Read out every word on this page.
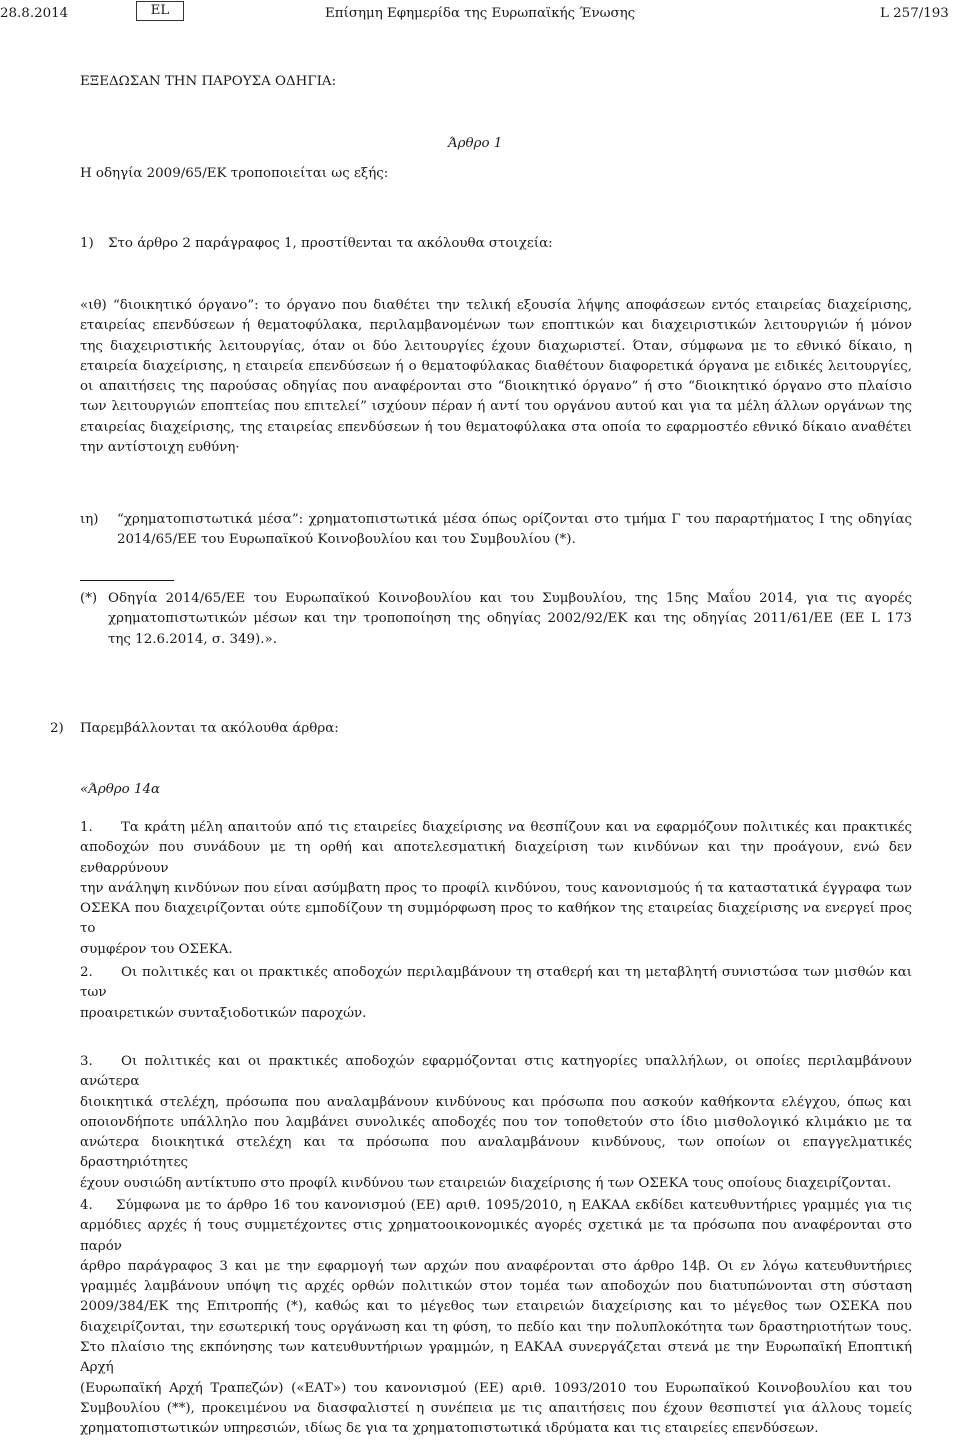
28.8.2014	EL	Επίσημη Εφημερίδα της Ευρωπαϊκής Ένωσης	L 257/193
ΕΞΕΔΩΣΑΝ ΤΗΝ ΠΑΡΟΥΣΑ ΟΔΗΓΙΑ:
Άρθρο 1
Η οδηγία 2009/65/ΕΚ τροποποιείται ως εξής:
1) Στο άρθρο 2 παράγραφος 1, προστίθενται τα ακόλουθα στοιχεία:
«ιθ) “διοικητικό όργανο”: το όργανο που διαθέτει την τελική εξουσία λήψης αποφάσεων εντός εταιρείας διαχείρισης,
εταιρείας επενδύσεων ή θεματοφύλακα, περιλαμβανομένων των εποπτικών και διαχειριστικών λειτουργιών ή μόνον
της διαχειριστικής λειτουργίας, όταν οι δύο λειτουργίες έχουν διαχωριστεί. Όταν, σύμφωνα με το εθνικό δίκαιο, η
εταιρεία διαχείρισης, η εταιρεία επενδύσεων ή ο θεματοφύλακας διαθέτουν διαφορετικά όργανα με ειδικές λειτουργίες,
οι απαιτήσεις της παρούσας οδηγίας που αναφέρονται στο “διοικητικό όργανο” ή στο “διοικητικό όργανο στο πλαίσιο
των λειτουργιών εποπτείας που επιτελεί” ισχύουν πέραν ή αντί του οργάνου αυτού και για τα μέλη άλλων οργάνων της
εταιρείας διαχείρισης, της εταιρείας επενδύσεων ή του θεματοφύλακα στα οποία το εφαρμοστέο εθνικό δίκαιο αναθέτει
την αντίστοιχη ευθύνη·
ιη) “χρηματοπιστωτικά μέσα”: χρηματοπιστωτικά μέσα όπως ορίζονται στο τμήμα Γ του παραρτήματος Ι της οδηγίας
2014/65/ΕΕ του Ευρωπαϊκού Κοινοβουλίου και του Συμβουλίου (*).
(*) Οδηγία 2014/65/ΕΕ του Ευρωπαϊκού Κοινοβουλίου και του Συμβουλίου, της 15ης Μαΐου 2014, για τις αγορές
χρηματοπιστωτικών μέσων και την τροποποίηση της οδηγίας 2002/92/ΕΚ και της οδηγίας 2011/61/ΕΕ (ΕΕ L 173
της 12.6.2014, σ. 349).».
2) Παρεμβάλλονται τα ακόλουθα άρθρα:
«Άρθρο 14α
1.	Τα κράτη μέλη απαιτούν από τις εταιρείες διαχείρισης να θεσπίζουν και να εφαρμόζουν πολιτικές και πρακτικές
αποδοχών που συνάδουν με τη ορθή και αποτελεσματική διαχείριση των κινδύνων και την προάγουν, ενώ δεν ενθαρρύνουν
την ανάληψη κινδύνων που είναι ασύμβατη προς το προφίλ κινδύνου, τους κανονισμούς ή τα καταστατικά έγγραφα των
ΟΣΕΚΑ που διαχειρίζονται ούτε εμποδίζουν τη συμμόρφωση προς το καθήκον της εταιρείας διαχείρισης να ενεργεί προς το
συμφέρον του ΟΣΕΚΑ.
2.	Οι πολιτικές και οι πρακτικές αποδοχών περιλαμβάνουν τη σταθερή και τη μεταβλητή συνιστώσα των μισθών και των
προαιρετικών συνταξιοδοτικών παροχών.
3.	Οι πολιτικές και οι πρακτικές αποδοχών εφαρμόζονται στις κατηγορίες υπαλλήλων, οι οποίες περιλαμβάνουν ανώτερα
διοικητικά στελέχη, πρόσωπα που αναλαμβάνουν κινδύνους και πρόσωπα που ασκούν καθήκοντα ελέγχου, όπως και
οποιονδήποτε υπάλληλο που λαμβάνει συνολικές αποδοχές που τον τοποθετούν στο ίδιο μισθολογικό κλιμάκιο με τα
ανώτερα διοικητικά στελέχη και τα πρόσωπα που αναλαμβάνουν κινδύνους, των οποίων οι επαγγελματικές δραστηριότητες
έχουν ουσιώδη αντίκτυπο στο προφίλ κινδύνου των εταιρειών διαχείρισης ή των ΟΣΕΚΑ τους οποίους διαχειρίζονται.
4.	Σύμφωνα με το άρθρο 16 του κανονισμού (ΕΕ) αριθ. 1095/2010, η ΕΑΚΑΑ εκδίδει κατευθυντήριες γραμμές για τις
αρμόδιες αρχές ή τους συμμετέχοντες στις χρηματοοικονομικές αγορές σχετικά με τα πρόσωπα που αναφέρονται στο παρόν
άρθρο παράγραφος 3 και με την εφαρμογή των αρχών που αναφέρονται στο άρθρο 14β. Οι εν λόγω κατευθυντήριες
γραμμές λαμβάνουν υπόψη τις αρχές ορθών πολιτικών στον τομέα των αποδοχών που διατυπώνονται στη σύσταση
2009/384/ΕΚ της Επιτροπής (*), καθώς και το μέγεθος των εταιρειών διαχείρισης και το μέγεθος των ΟΣΕΚΑ που
διαχειρίζονται, την εσωτερική τους οργάνωση και τη φύση, το πεδίο και την πολυπλοκότητα των δραστηριοτήτων τους.
Στο πλαίσιο της εκπόνησης των κατευθυντήριων γραμμών, η ΕΑΚΑΑ συνεργάζεται στενά με την Ευρωπαϊκή Εποπτική Αρχή
(Ευρωπαϊκή Αρχή Τραπεζών) («ΕΑΤ») του κανονισμού (ΕΕ) αριθ. 1093/2010 του Ευρωπαϊκού Κοινοβουλίου και του
Συμβουλίου (**), προκειμένου να διασφαλιστεί η συνέπεια με τις απαιτήσεις που έχουν θεσπιστεί για άλλους τομείς
χρηματοπιστωτικών υπηρεσιών, ιδίως δε για τα χρηματοπιστωτικά ιδρύματα και τις εταιρείες επενδύσεων.
